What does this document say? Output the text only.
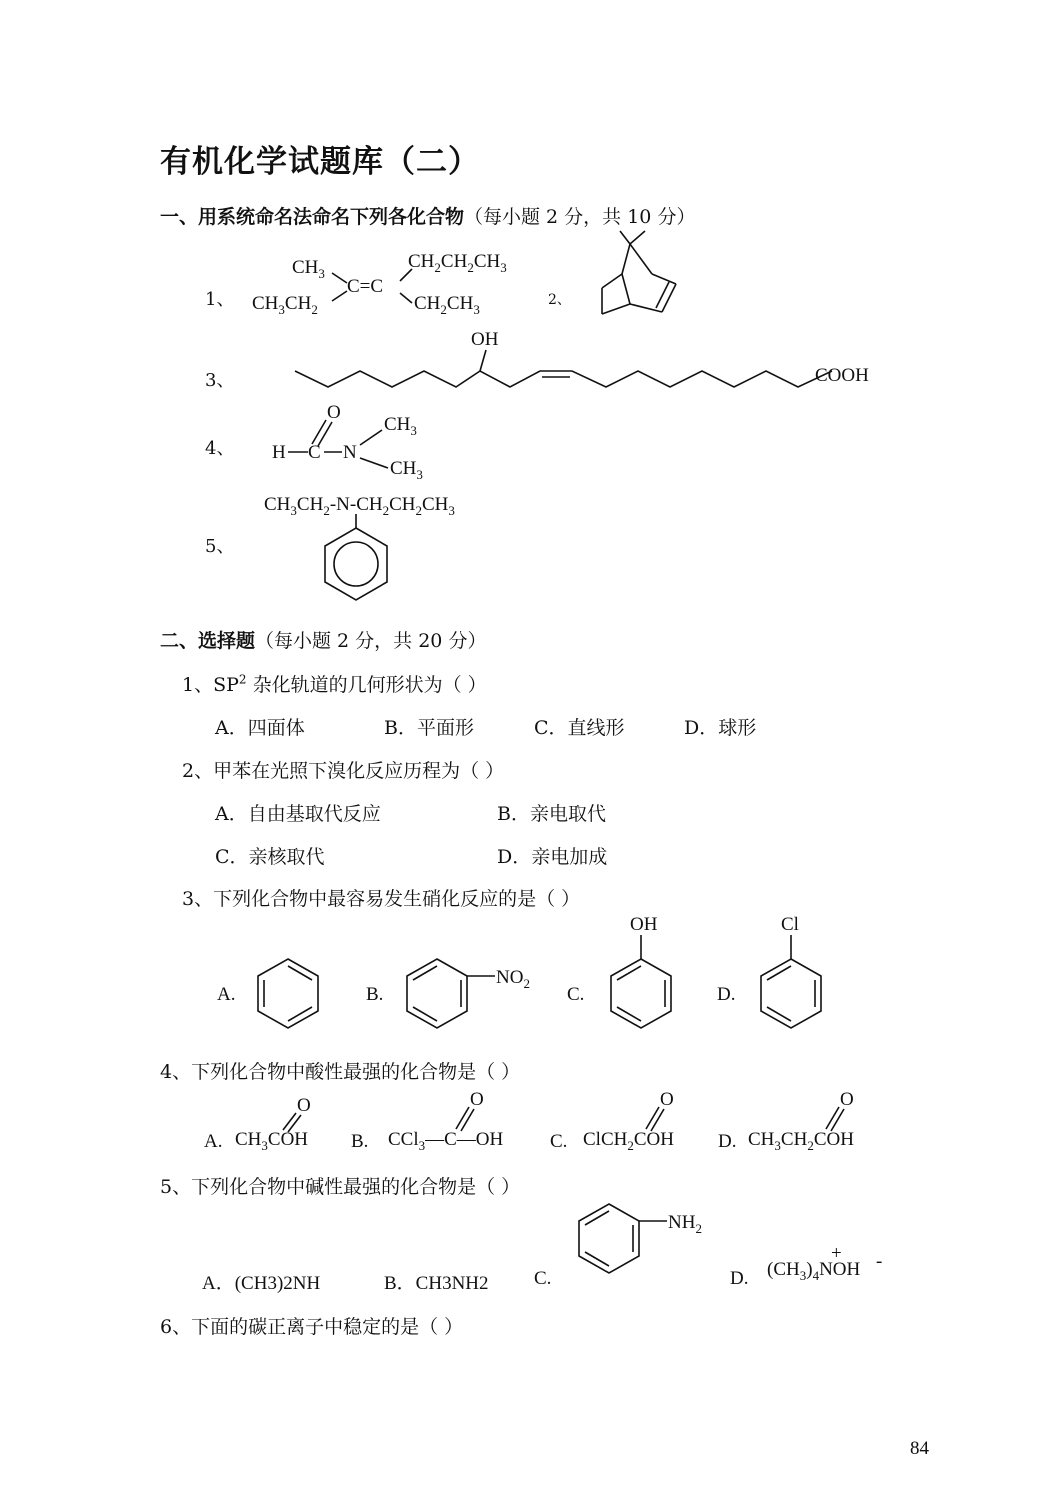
有机化学试题库（二）
一、用系统命名法命名下列各化合物（每小题 2 分，共 10 分）
1、	2、
3、
4、
5、
$CH_3$
$CH_3CH_2$
C=C
$CH_2CH_2CH_3$
$CH_2CH_3$
OH
COOH
O
H C N
$CH_3$
$CH_3$
$CH_3CH_2-N-CH_2CH_2CH_3$
二、选择题（每小题 2 分，共 20 分）
1、$SP^2$ 杂化轨道的几何形状为（ ）
A．四面体	B．平面形	C．直线形	D．球形
2、甲苯在光照下溴化反应历程为（ ）
A．自由基取代反应	B．亲电取代
C．亲核取代	D．亲电加成
3、下列化合物中最容易发生硝化反应的是（ ）
A.	B.	C.	D.
$NO_2$
OH	Cl
4、下列化合物中酸性最强的化合物是（ ）
A. $CH_3COH$
O
B. CCl$_3$—C—OH
O
C. ClCH$_2$COH
O
D. $CH_3CH_2COH$
O
5、下列化合物中碱性最强的化合物是（ ）
A．(CH3)2NH	B．CH3NH2 C.	D.
$NH_2$
$(CH_3)_4NOH$
+ -
6、下面的碳正离子中稳定的是（ ）
84
